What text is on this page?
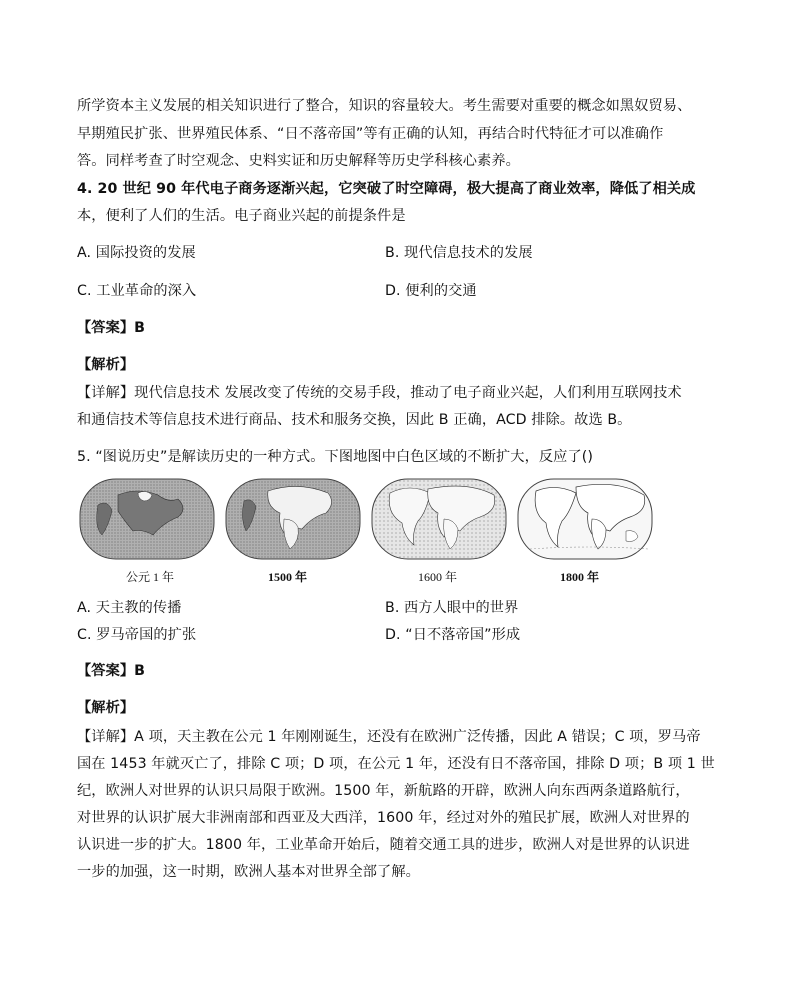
所学资本主义发展的相关知识进行了整合，知识的容量较大。考生需要对重要的概念如黑奴贸易、
早期殖民扩张、世界殖民体系、“日不落帝国”等有正确的认知，再结合时代特征才可以准确作
答。同样考查了时空观念、史料实证和历史解释等历史学科核心素养。
4. 20 世纪 90 年代电子商务逐渐兴起，它突破了时空障碍，极大提高了商业效率，降低了相关成
本，便利了人们的生活。电子商业兴起的前提条件是
A. 国际投资的发展	B. 现代信息技术的发展
C. 工业革命的深入	D. 便利的交通
【答案】B
【解析】
【详解】现代信息技术 发展改变了传统的交易手段，推动了电子商业兴起，人们利用互联网技术
和通信技术等信息技术进行商品、技术和服务交换，因此 B 正确，ACD 排除。故选 B。
5. “图说历史”是解读历史的一种方式。下图地图中白色区域的不断扩大，反应了()
公元 1 年	1500 年	1600 年	1800 年
A. 天主教的传播	B. 西方人眼中的世界
C. 罗马帝国的扩张	D. “日不落帝国”形成
【答案】B
【解析】
【详解】A 项，天主教在公元 1 年刚刚诞生，还没有在欧洲广泛传播，因此 A 错误；C 项，罗马帝
国在 1453 年就灭亡了，排除 C 项；D 项，在公元 1 年，还没有日不落帝国，排除 D 项；B 项 1 世
纪，欧洲人对世界的认识只局限于欧洲。1500 年，新航路的开辟，欧洲人向东西两条道路航行，
对世界的认识扩展大非洲南部和西亚及大西洋，1600 年，经过对外的殖民扩展，欧洲人对世界的
认识进一步的扩大。1800 年，工业革命开始后，随着交通工具的进步，欧洲人对是世界的认识进
一步的加强，这一时期，欧洲人基本对世界全部了解。
